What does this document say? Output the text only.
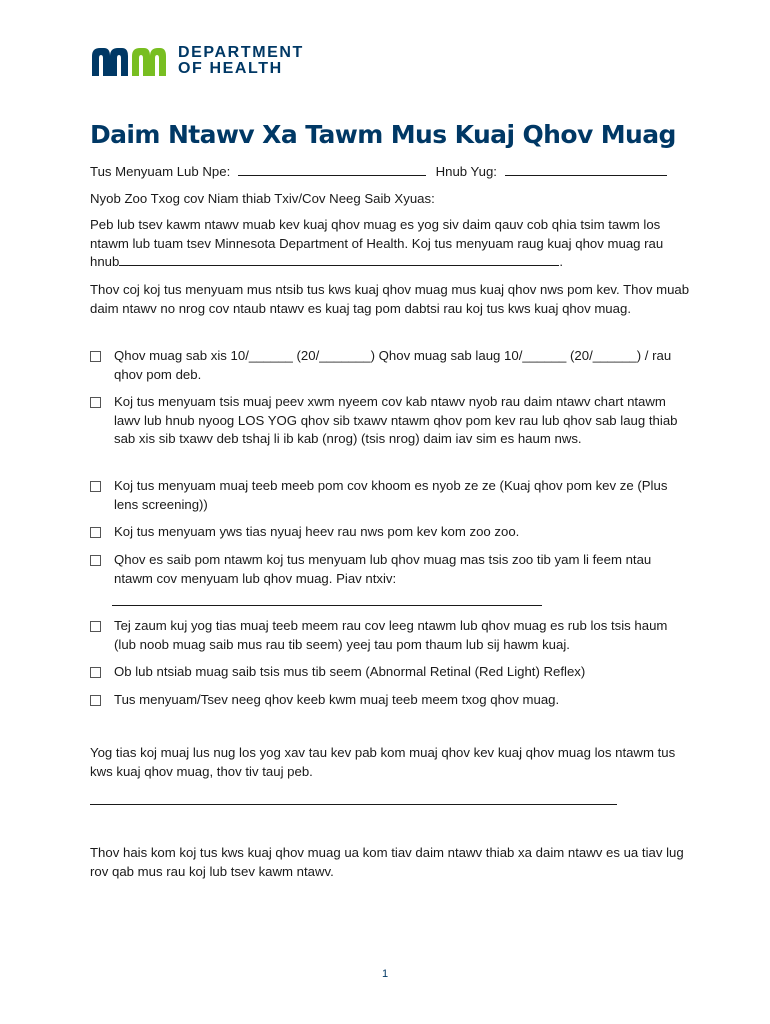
DEPARTMENT
OF HEALTH
Daim Ntawv Xa Tawm Mus Kuaj Qhov Muag
Tus Menyuam Lub Npe:	Hnub Yug:
Nyob Zoo Txog cov Niam thiab Txiv/Cov Neeg Saib Xyuas:
Peb lub tsev kawm ntawv muab kev kuaj qhov muag es yog siv daim qauv cob qhia tsim tawm los ntawm lub tuam tsev Minnesota Department of Health. Koj tus menyuam raug kuaj qhov muag rau hnub	.
Thov coj koj tus menyuam mus ntsib tus kws kuaj qhov muag mus kuaj qhov nws pom kev. Thov muab daim ntawv no nrog cov ntaub ntawv es kuaj tag pom dabtsi rau koj tus kws kuaj qhov muag.
Qhov muag sab xis 10/______ (20/_______) Qhov muag sab laug 10/______ (20/______) / rau qhov pom deb.
Koj tus menyuam tsis muaj peev xwm nyeem cov kab ntawv nyob rau daim ntawv chart ntawm lawv lub hnub nyoog LOS YOG qhov sib txawv ntawm qhov pom kev rau lub qhov sab laug thiab sab xis sib txawv deb tshaj li ib kab (nrog) (tsis nrog) daim iav sim es haum nws.
Koj tus menyuam muaj teeb meeb pom cov khoom es nyob ze ze (Kuaj qhov pom kev ze (Plus lens screening))
Koj tus menyuam yws tias nyuaj heev rau nws pom kev kom zoo zoo.
Qhov es saib pom ntawm koj tus menyuam lub qhov muag mas tsis zoo tib yam li feem ntau ntawm cov menyuam lub qhov muag. Piav ntxiv:
Tej zaum kuj yog tias muaj teeb meem rau cov leeg ntawm lub qhov muag es rub los tsis haum (lub noob muag saib mus rau tib seem) yeej tau pom thaum lub sij hawm kuaj.
Ob lub ntsiab muag saib tsis mus tib seem (Abnormal Retinal (Red Light) Reflex)
Tus menyuam/Tsev neeg qhov keeb kwm muaj teeb meem txog qhov muag.
Yog tias koj muaj lus nug los yog xav tau kev pab kom muaj qhov kev kuaj qhov muag los ntawm tus kws kuaj qhov muag, thov tiv tauj peb.
Thov hais kom koj tus kws kuaj qhov muag ua kom tiav daim ntawv thiab xa daim ntawv es ua tiav lug rov qab mus rau koj lub tsev kawm ntawv.
1
